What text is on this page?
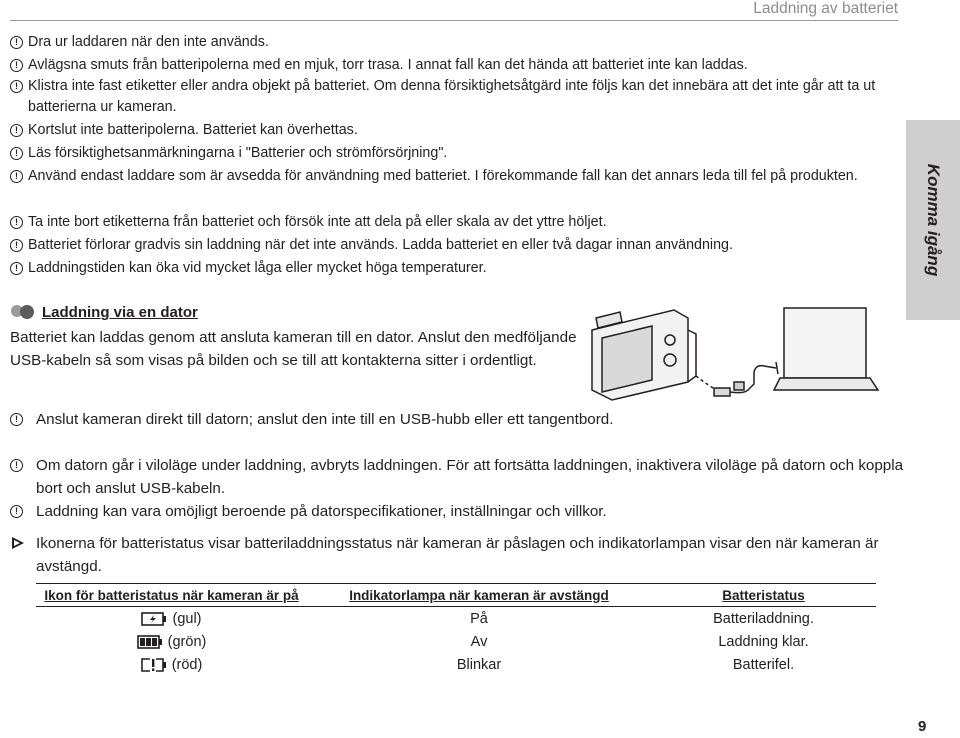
Laddning av batteriet
Komma igång
! Dra ur laddaren när den inte används.
! Avlägsna smuts från batteripolerna med en mjuk, torr trasa. I annat fall kan det hända att batteriet inte kan laddas.
! Klistra inte fast etiketter eller andra objekt på batteriet. Om denna försiktighetsåtgärd inte följs kan det innebära att det inte går att ta ut batterierna ur kameran.
! Kortslut inte batteripolerna. Batteriet kan överhettas.
! Läs försiktighetsanmärkningarna i "Batterier och strömförsörjning".
! Använd endast laddare som är avsedda för användning med batteriet. I förekommande fall kan det annars leda till fel på produkten.
! Ta inte bort etiketterna från batteriet och försök inte att dela på eller skala av det yttre höljet.
! Batteriet förlorar gradvis sin laddning när det inte används. Ladda batteriet en eller två dagar innan användning.
! Laddningstiden kan öka vid mycket låga eller mycket höga temperaturer.
Laddning via en dator
Batteriet kan laddas genom att ansluta kameran till en dator. Anslut den medföljande USB-kabeln så som visas på bilden och se till att kontakterna sitter i ordentligt.
!	Anslut kameran direkt till datorn; anslut den inte till en USB-hubb eller ett tangentbord.
!	Om datorn går i viloläge under laddning, avbryts laddningen. För att fortsätta laddningen, inaktivera viloläge på datorn och koppla bort och anslut USB-kabeln.
!	Laddning kan vara omöjligt beroende på datorspecifikationer, inställningar och villkor.
Ikonerna för batteristatus visar batteriladdningsstatus när kameran är påslagen och indikatorlampan visar den när kameran är avstängd.
Ikon för batteristatus när kameran är på	Indikatorlampa när kameran är avstängd	Batteristatus
(gul)	På	Batteriladdning.
(grön)	Av	Laddning klar.
(röd)	Blinkar	Batterifel.
9
